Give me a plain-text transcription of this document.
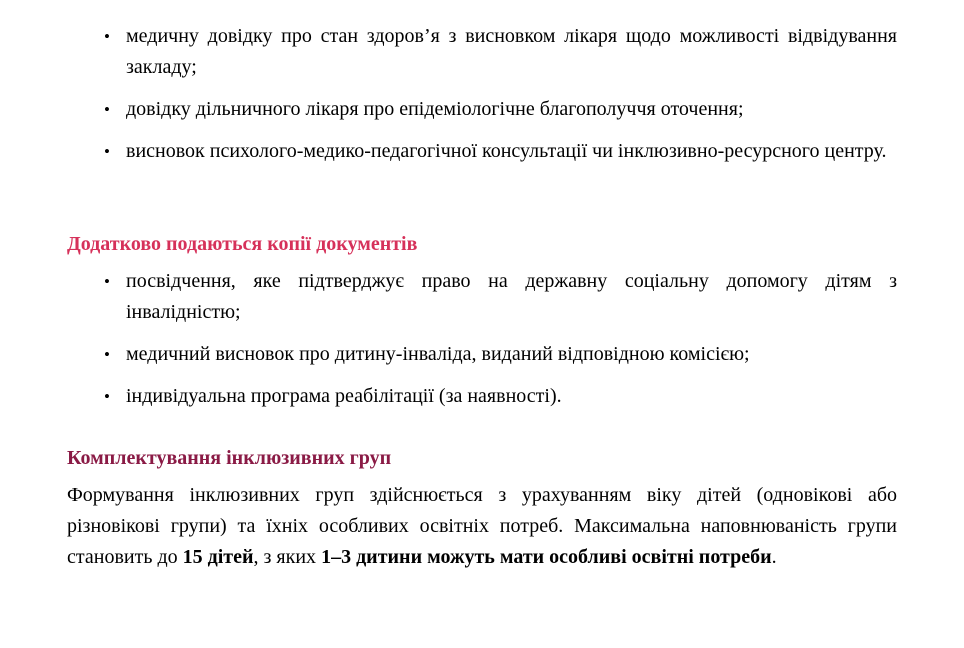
• медичну довідку про стан здоров’я з висновком лікаря щодо можливості відвідування закладу;
• довідку дільничного лікаря про епідеміологічне благополуччя оточення;
• висновок психолого-медико-педагогічної консультації чи інклюзивно-ресурсного центру.
Додатково подаються копії документів
• посвідчення, яке підтверджує право на державну соціальну допомогу дітям з інвалідністю;
• медичний висновок про дитину-інваліда, виданий відповідною комісією;
• індивідуальна програма реабілітації (за наявності).
Комплектування інклюзивних груп

Формування інклюзивних груп здійснюється з урахуванням віку дітей (одновікові або різновікові групи) та їхніх особливих освітніх потреб. Максимальна наповнюваність групи становить до 15 дітей, з яких 1–3 дитини можуть мати особливі освітні потреби.
